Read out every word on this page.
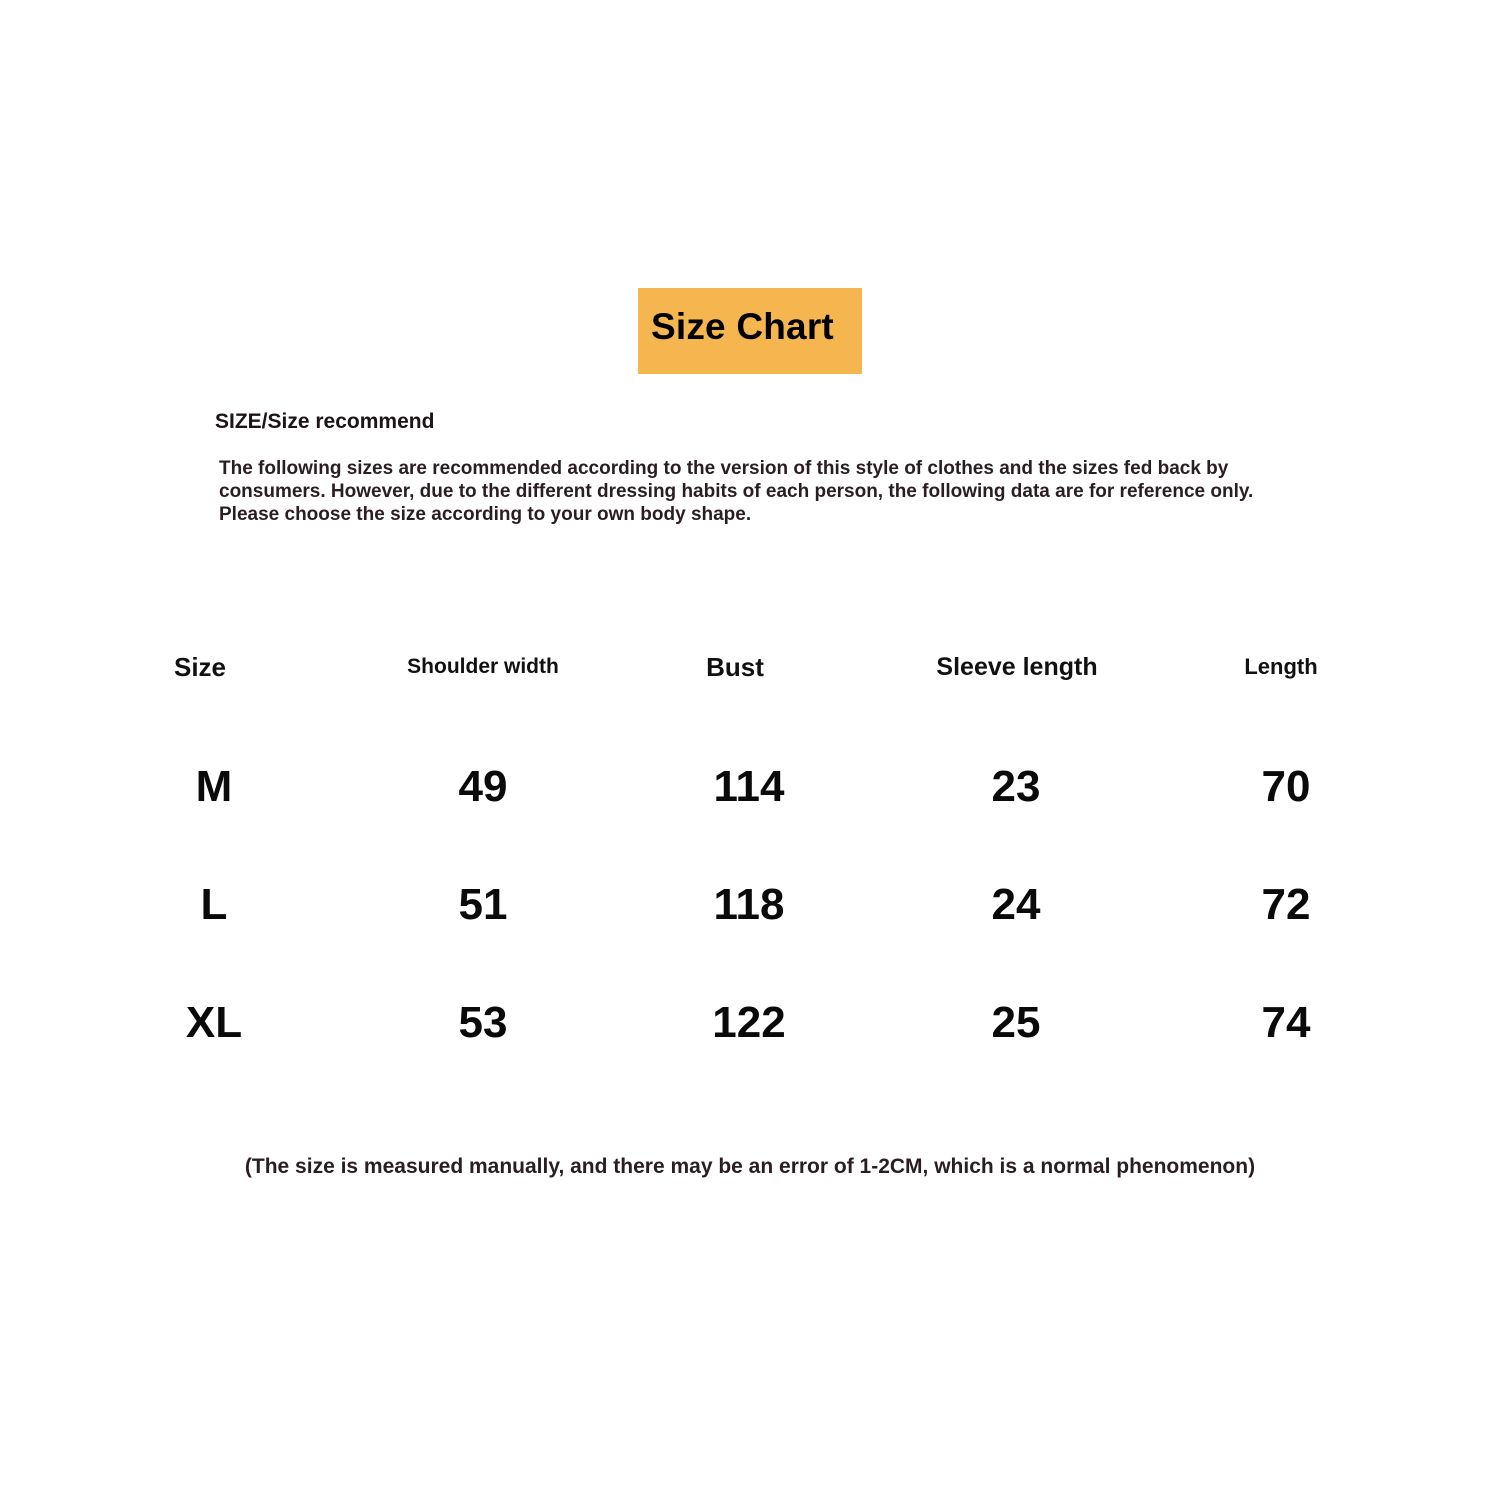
Size Chart
SIZE/Size recommend
The following sizes are recommended according to the version of this style of clothes and the sizes fed back by consumers. However, due to the different dressing habits of each person, the following data are for reference only. Please choose the size according to your own body shape.
Size	Shoulder width	Bust	Sleeve length	Length
M	49	114	23	70
L	51	118	24	72
XL	53	122	25	74
(The size is measured manually, and there may be an error of 1-2CM, which is a normal phenomenon)
